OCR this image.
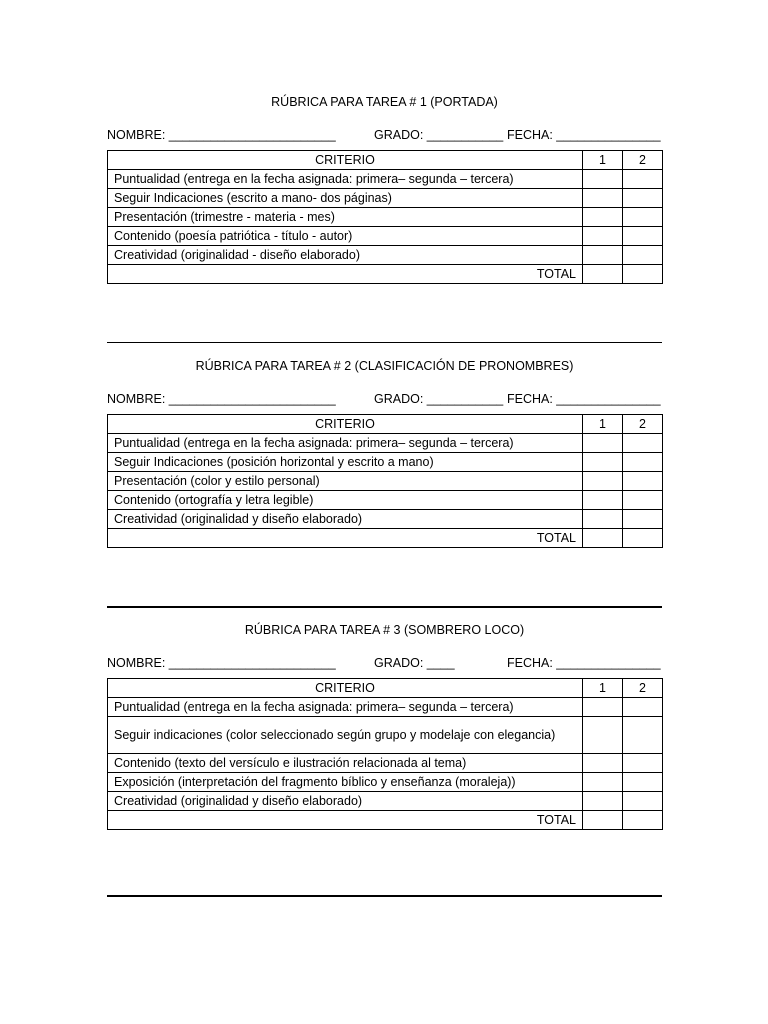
RÚBRICA PARA TAREA # 1 (PORTADA)
NOMBRE: ________________________	GRADO: ___________ FECHA: _______________
CRITERIO	1	2
Puntualidad (entrega en la fecha asignada: primera– segunda – tercera)		
Seguir Indicaciones (escrito a mano- dos páginas)		
Presentación (trimestre - materia - mes)		
Contenido (poesía patriótica - título - autor)		
Creatividad (originalidad - diseño elaborado)		
TOTAL		
RÚBRICA PARA TAREA # 2 (CLASIFICACIÓN DE PRONOMBRES)
NOMBRE: ________________________	GRADO: ___________ FECHA: _______________
CRITERIO	1	2
Puntualidad (entrega en la fecha asignada: primera– segunda – tercera)		
Seguir Indicaciones (posición horizontal y escrito a mano)		
Presentación (color y estilo personal)		
Contenido (ortografía y letra legible)		
Creatividad (originalidad y diseño elaborado)		
TOTAL		
RÚBRICA PARA TAREA # 3 (SOMBRERO LOCO)
NOMBRE: ________________________	GRADO: ____	FECHA: _______________
CRITERIO	1	2
Puntualidad (entrega en la fecha asignada: primera– segunda – tercera)		
Seguir indicaciones (color seleccionado según grupo y modelaje con elegancia)		
Contenido (texto del versículo e ilustración relacionada al tema)		
Exposición (interpretación del fragmento bíblico y enseñanza (moraleja))		
Creatividad (originalidad y diseño elaborado)		
TOTAL		
